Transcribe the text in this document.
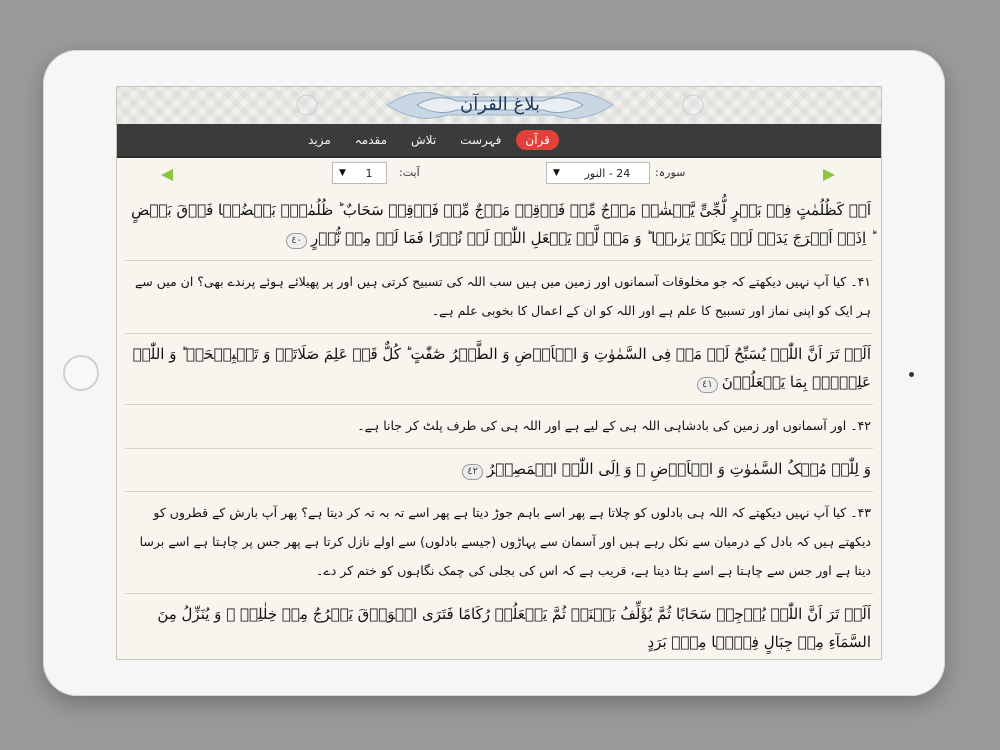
بلاغ القرآن
قرآن
فہرست
تلاش
مقدمہ
مزید
▼	1	آیت:	▼	24 - النور	سورہ:
اَوۡ کَظُلُمٰتٍ فِیۡ بَحۡرٍ لُّجِّیٍّ یَّغۡشٰہُ مَوۡجٌ مِّنۡ فَوۡقِہٖ مَوۡجٌ مِّنۡ فَوۡقِہٖ سَحَابٌ ؕ ظُلُمٰتٌۢ بَعۡضُہَا فَوۡقَ بَعۡضٍ ؕ اِذَاۤ اَخۡرَجَ یَدَہٗ لَمۡ یَکَدۡ یَرٰىہَا ؕ وَ مَنۡ لَّمۡ یَجۡعَلِ اللّٰہُ لَہٗ نُوۡرًا فَمَا لَہٗ مِنۡ نُّوۡرٍ٤٠
۴۱۔ کیا آپ نہیں دیکھتے کہ جو مخلوقات آسمانوں اور زمین میں ہیں سب اللہ کی تسبیح کرتی ہیں اور پر پھیلائے ہوئے پرندے بھی؟ ان میں سے ہر ایک کو اپنی نماز اور تسبیح کا علم ہے اور اللہ کو ان کے اعمال کا بخوبی علم ہے۔
اَلَمۡ تَرَ اَنَّ اللّٰہَ یُسَبِّحُ لَہٗ مَنۡ فِی السَّمٰوٰتِ وَ الۡاَرۡضِ وَ الطَّیۡرُ صٰٓفّٰتٍ ؕ کُلٌّ قَدۡ عَلِمَ صَلَاتَہٗ وَ تَسۡبِیۡحَہٗ ؕ وَ اللّٰہُ عَلِیۡمٌۢ بِمَا یَفۡعَلُوۡنَ٤١
۴۲۔ اور آسمانوں اور زمین کی بادشاہی اللہ ہی کے لیے ہے اور اللہ ہی کی طرف پلٹ کر جانا ہے۔
وَ لِلّٰہِ مُلۡکُ السَّمٰوٰتِ وَ الۡاَرۡضِ ۚ وَ اِلَی اللّٰہِ الۡمَصِیۡرُ٤٢
۴۳۔ کیا آپ نہیں دیکھتے کہ اللہ ہی بادلوں کو چلاتا ہے پھر اسے باہم جوڑ دیتا ہے پھر اسے تہ بہ تہ کر دیتا ہے؟ پھر آپ بارش کے قطروں کو دیکھتے ہیں کہ بادل کے درمیان سے نکل رہے ہیں اور آسمان سے پہاڑوں (جیسے بادلوں) سے اولے نازل کرتا ہے پھر جس پر چاہتا ہے اسے برسا دیتا ہے اور جس سے چاہتا ہے اسے ہٹا دیتا ہے، قریب ہے کہ اس کی بجلی کی چمک نگاہوں کو ختم کر دے۔
اَلَمۡ تَرَ اَنَّ اللّٰہَ یُزۡجِیۡ سَحَابًا ثُمَّ یُؤَلِّفُ بَیۡنَہٗ ثُمَّ یَجۡعَلُہٗ رُکَامًا فَتَرَی الۡوَدۡقَ یَخۡرُجُ مِنۡ خِلٰلِہٖ ۚ وَ یُنَزِّلُ مِنَ السَّمَآءِ مِنۡ جِبَالٍ فِیۡہَا مِنۡۢ بَرَدٍ
